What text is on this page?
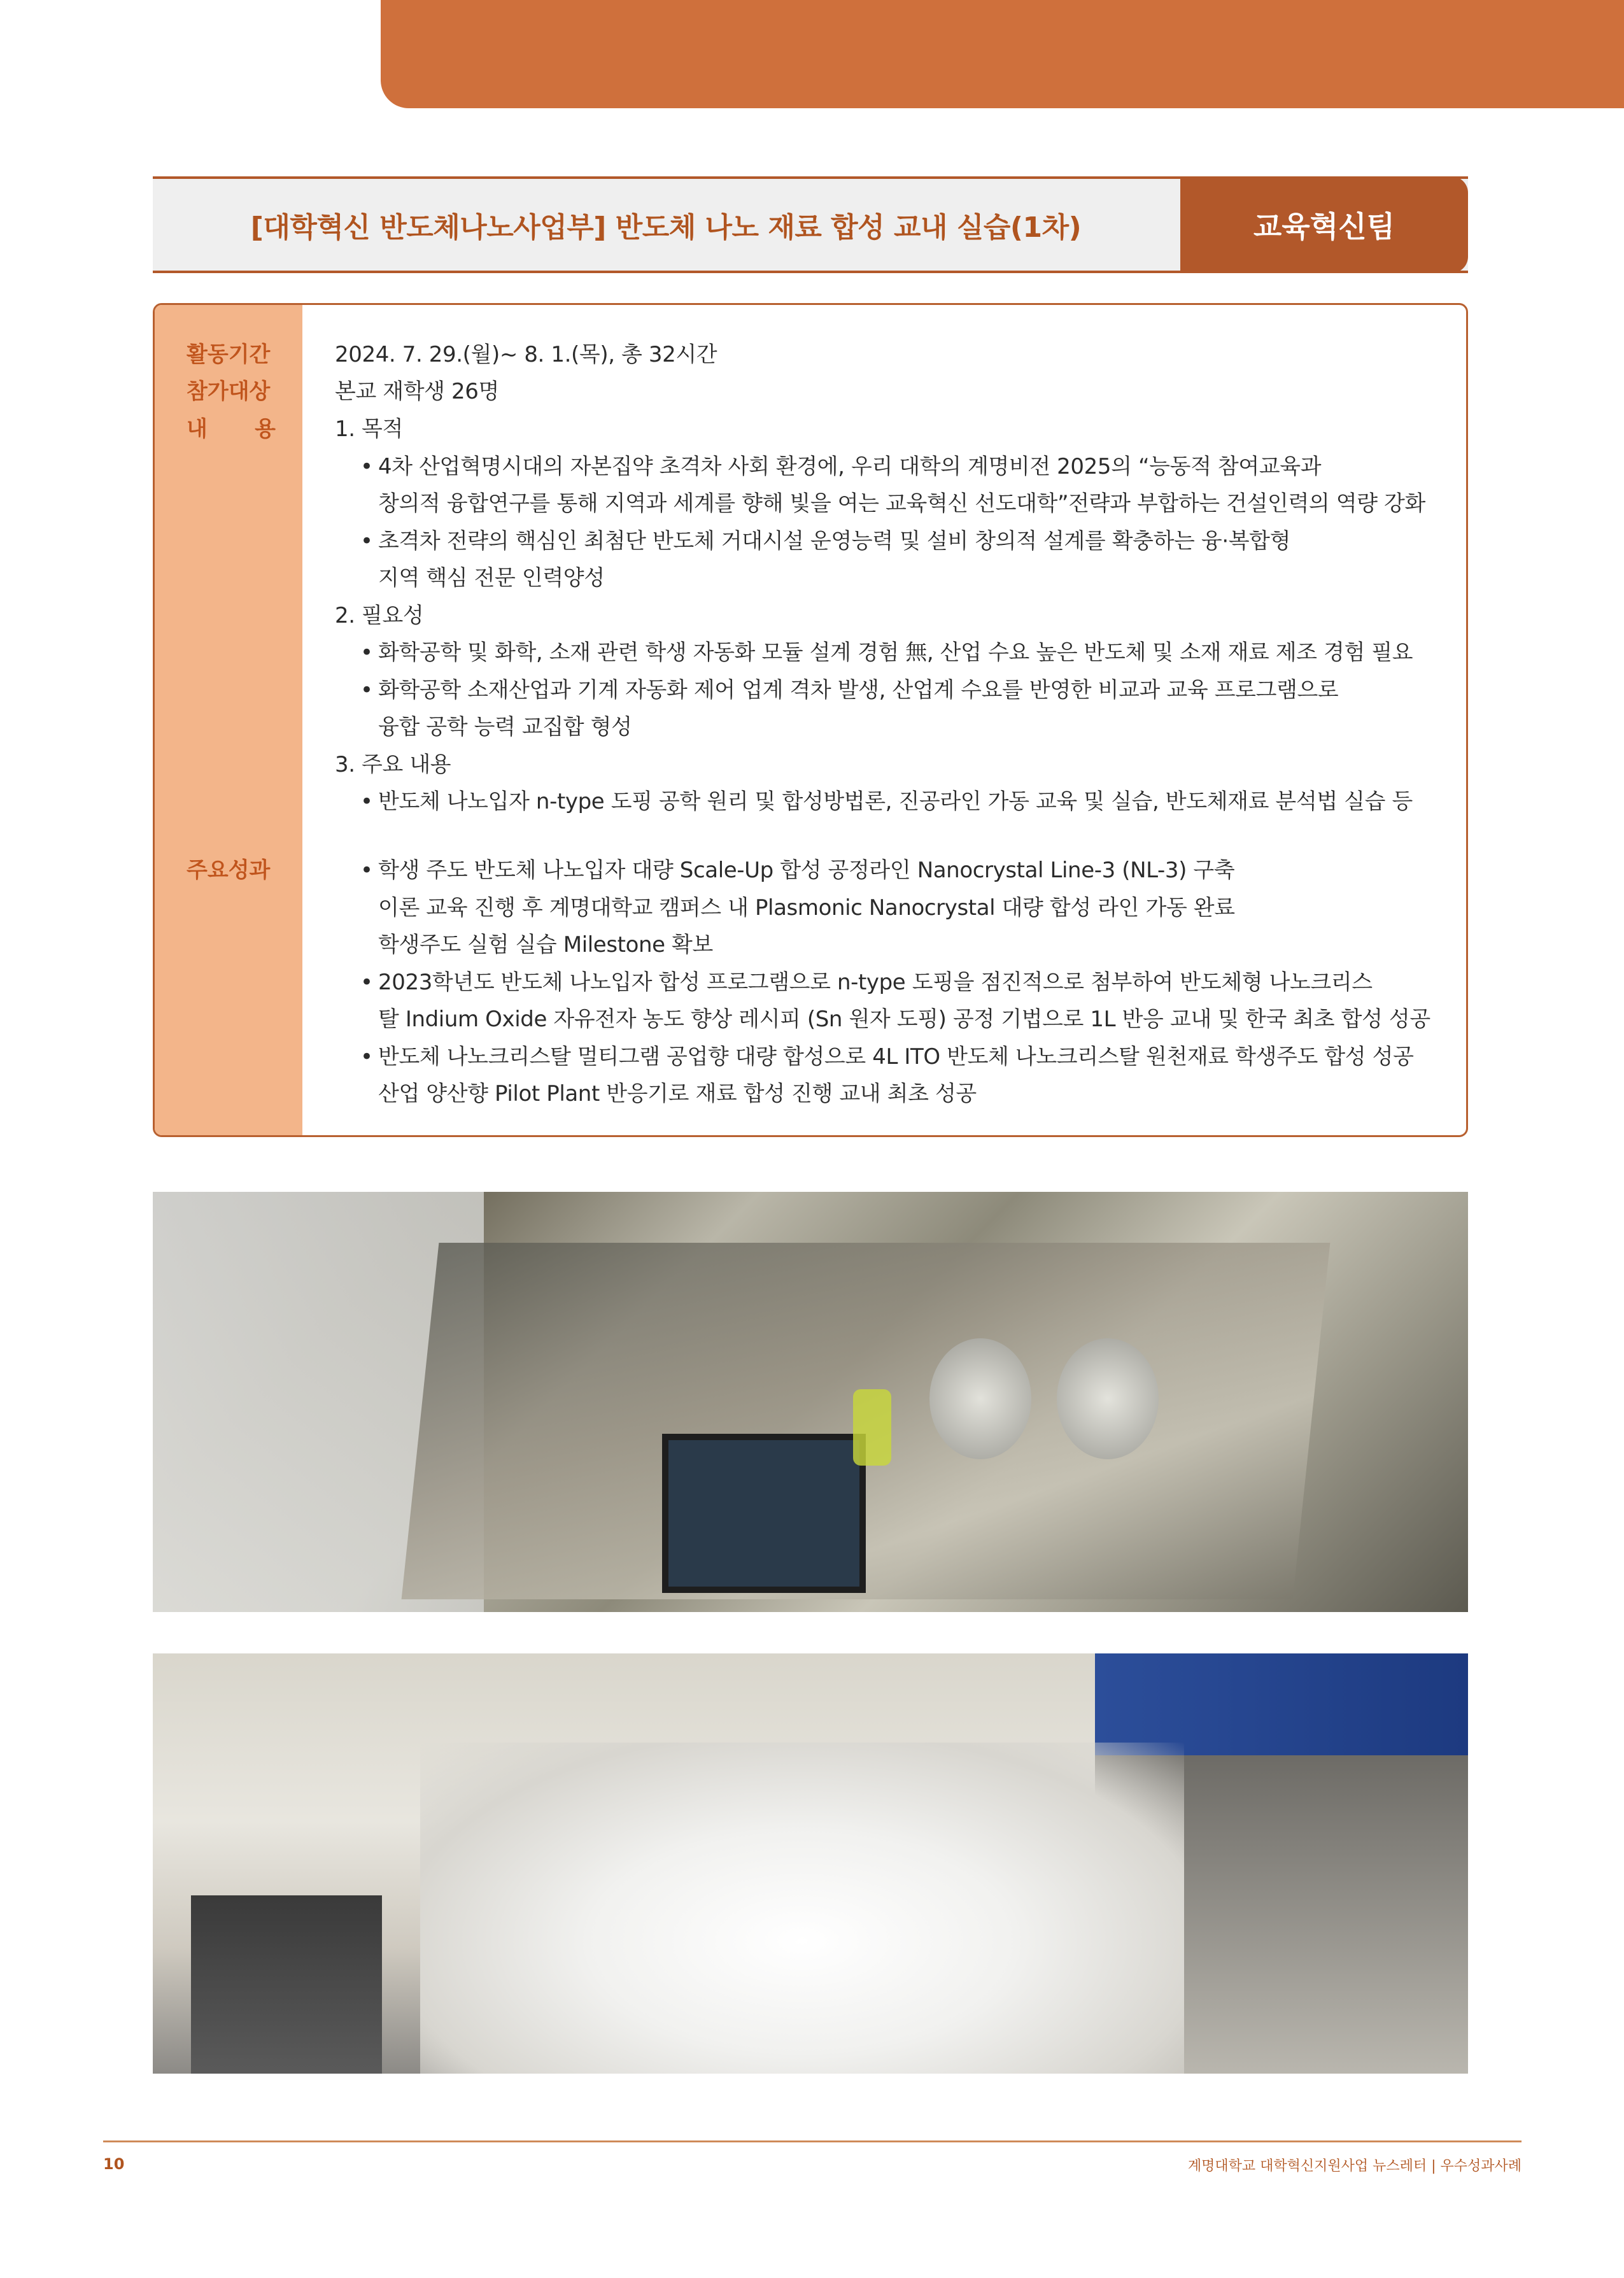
[대학혁신 반도체나노사업부] 반도체 나노 재료 합성 교내 실습(1차)	교육혁신팀
활동기간
참가대상
내 용
주요성과
2024. 7. 29.(월)~ 8. 1.(목), 총 32시간
본교 재학생 26명
1. 목적
• 4차 산업혁명시대의 자본집약 초격차 사회 환경에, 우리 대학의 계명비전 2025의 “능동적 참여교육과
창의적 융합연구를 통해 지역과 세계를 향해 빛을 여는 교육혁신 선도대학”전략과 부합하는 건설인력의 역량 강화
• 초격차 전략의 핵심인 최첨단 반도체 거대시설 운영능력 및 설비 창의적 설계를 확충하는 융·복합형
지역 핵심 전문 인력양성
2. 필요성
• 화학공학 및 화학, 소재 관련 학생 자동화 모듈 설계 경험 無, 산업 수요 높은 반도체 및 소재 재료 제조 경험 필요
• 화학공학 소재산업과 기계 자동화 제어 업계 격차 발생, 산업계 수요를 반영한 비교과 교육 프로그램으로
융합 공학 능력 교집합 형성
3. 주요 내용
• 반도체 나노입자 n-type 도핑 공학 원리 및 합성방법론, 진공라인 가동 교육 및 실습, 반도체재료 분석법 실습 등
• 학생 주도 반도체 나노입자 대량 Scale-Up 합성 공정라인 Nanocrystal Line-3 (NL-3) 구축
이론 교육 진행 후 계명대학교 캠퍼스 내 Plasmonic Nanocrystal 대량 합성 라인 가동 완료
학생주도 실험 실습 Milestone 확보
• 2023학년도 반도체 나노입자 합성 프로그램으로 n-type 도핑을 점진적으로 첨부하여 반도체형 나노크리스
탈 Indium Oxide 자유전자 농도 향상 레시피 (Sn 원자 도핑) 공정 기법으로 1L 반응 교내 및 한국 최초 합성 성공
• 반도체 나노크리스탈 멀티그램 공업향 대량 합성으로 4L ITO 반도체 나노크리스탈 원천재료 학생주도 합성 성공
산업 양산향 Pilot Plant 반응기로 재료 합성 진행 교내 최초 성공
10	계명대학교 대학혁신지원사업 뉴스레터 | 우수성과사례
